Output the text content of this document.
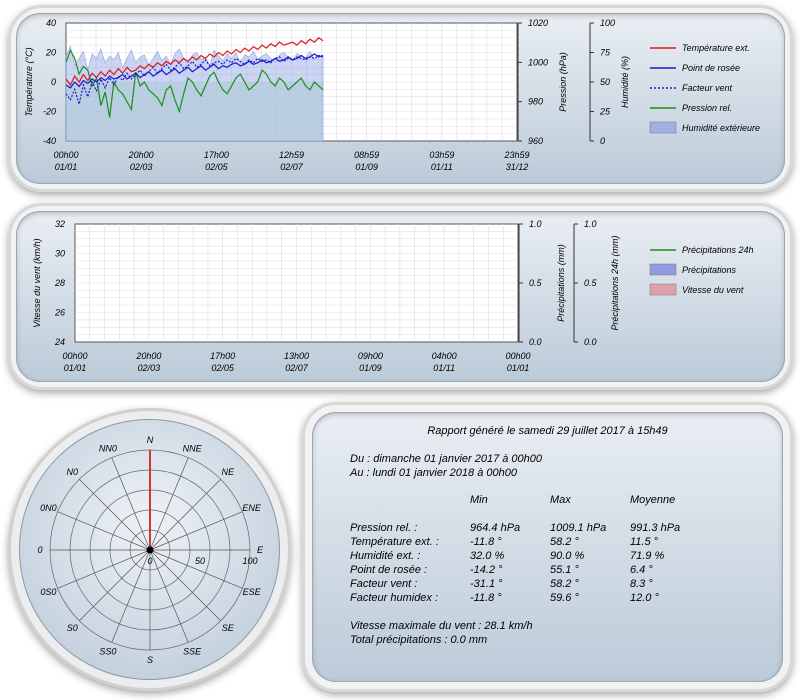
40
20
0
-20
-40
1020
1000
980
960
100
75
50
25
0
00h00
01/01
20h00
02/03
17h00
02/05
12h59
02/07
08h59
01/09
03h59
01/11
23h59
31/12
Température (°C)	Pression (hPa)	Humidité (%)
Température ext.
Point de rosée
Facteur vent
Pression rel.
Humidité extérieure
32
30
28
26
24
1.0
0.5
0.0
1.0
0.5
0.0
00h00
01/01
20h00
02/03
17h00
02/05
13h00
02/07
09h00
01/09
04h00
01/11
00h00
01/01
Vitesse du vent (km/h)	Précipitations (mm)	Précipitations 24h (mm)	Précipitations 24h
Précipitations
Vitesse du vent
N
NNE
NE
ENE
E
ESE
SE
SSE
S
SS0
S0
0S0
0
0N0
N0
NN0
0	50	100
Rapport généré le samedi 29 juillet 2017 à 15h49
Du : dimanche 01 janvier 2017 à 00h00
Au : lundi 01 janvier 2018 à 00h00
Min	Max	Moyenne
Pression rel. :	964.4 hPa	1009.1 hPa 991.3 hPa
Température ext. :	-11.8 °	58.2 °	11.5 °
Humidité ext. :	32.0 %	90.0 %	71.9 %
Point de rosée :	-14.2 °	55.1 °	6.4 °
Facteur vent :	-31.1 °	58.2 °	8.3 °
Facteur humidex :	-11.8 °	59.6 °	12.0 °
Vitesse maximale du vent : 28.1 km/h
Total précipitations : 0.0 mm
